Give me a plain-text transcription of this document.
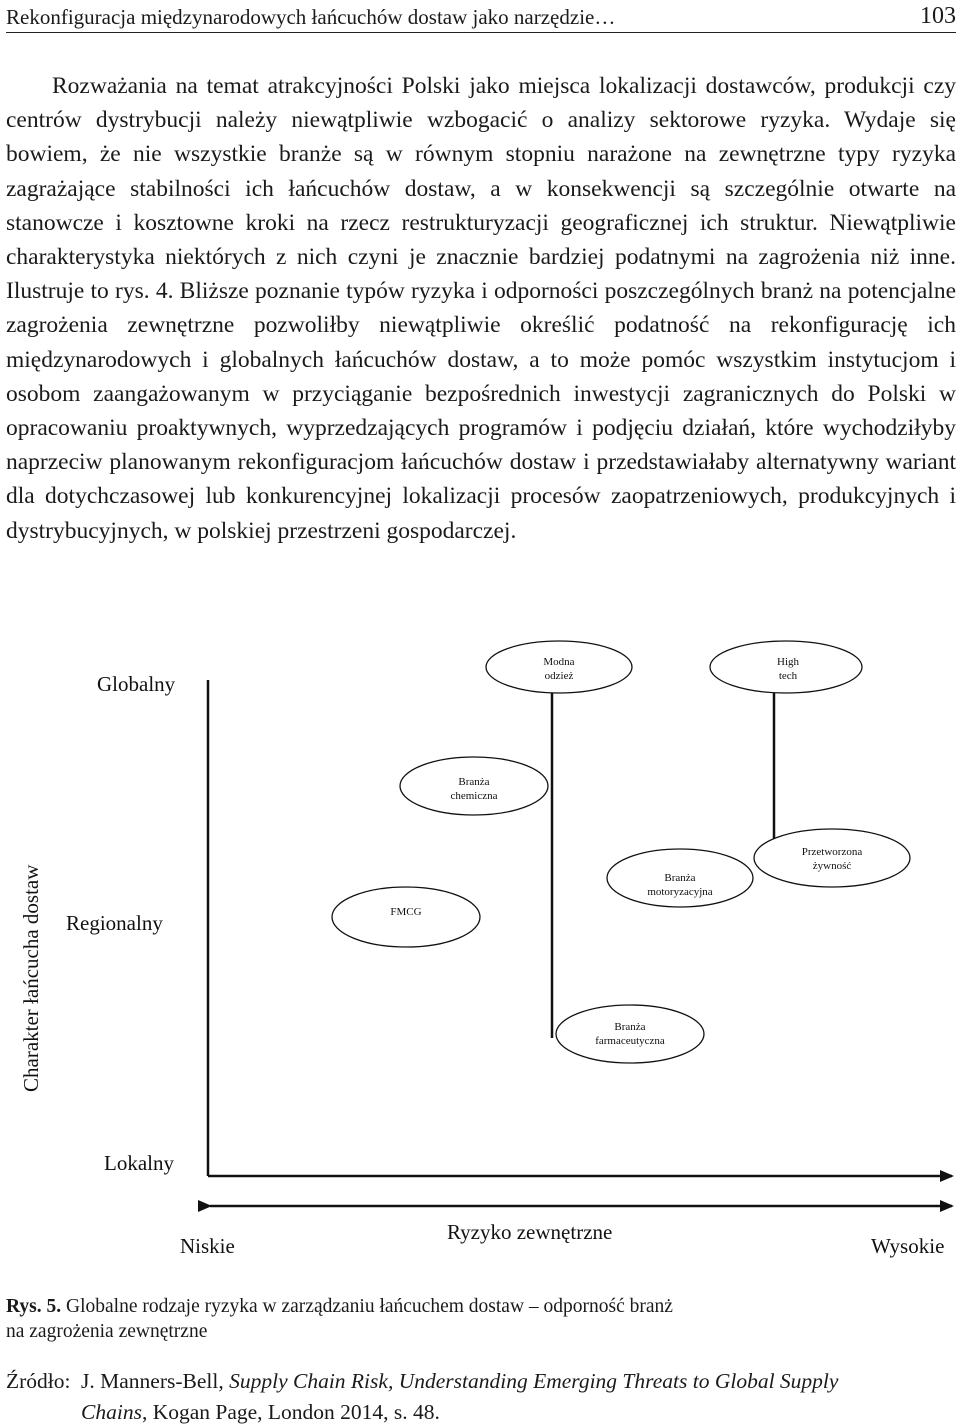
Rekonfiguracja międzynarodowych łańcuchów dostaw jako narzędzie…	103

Rozważania na temat atrakcyjności Polski jako miejsca lokalizacji dostawców, produkcji czy centrów dystrybucji należy niewątpliwie wzbogacić o analizy sektorowe ryzyka. Wydaje się bowiem, że nie wszystkie branże są w równym stopniu narażone na zewnętrzne typy ryzyka zagrażające stabilności ich łańcuchów dostaw, a w konsekwencji są szczególnie otwarte na stanowcze i kosztowne kroki na rzecz restrukturyzacji geograficznej ich struktur. Niewątpliwie charakterystyka niektórych z nich czyni je znacznie bardziej podatnymi na zagrożenia niż inne. Ilustruje to rys. 4. Bliższe poznanie typów ryzyka i odporności poszczególnych branż na potencjalne zagrożenia zewnętrzne pozwoliłby niewątpliwie określić podatność na rekonfigurację ich międzynarodowych i globalnych łańcuchów dostaw, a to może pomóc wszystkim instytucjom i osobom zaangażowanym w przyciąganie bezpośrednich inwestycji zagranicznych do Polski w opracowaniu proaktywnych, wyprzedzających programów i podjęciu działań, które wychodziłyby naprzeciw planowanym rekonfiguracjom łańcuchów dostaw i przedstawiałaby alternatywny wariant dla dotychczasowej lub konkurencyjnej lokalizacji procesów zaopatrzeniowych, produkcyjnych i dystrybucyjnych, w polskiej przestrzeni gospodarczej.

Modna
odzież
High
tech
Branża
chemiczna
Przetworzona
żywność
Branża
motoryzacyjna
FMCG
Branża
farmaceutyczna
Globalny
Regionalny
Lokalny
Charakter łańcucha dostaw
Niskie
Ryzyko zewnętrzne
Wysokie

Rys. 5. Globalne rodzaje ryzyka w zarządzaniu łańcuchem dostaw – odporność branż
na zagrożenia zewnętrzne

Źródło: J. Manners-Bell, Supply Chain Risk, Understanding Emerging Threats to Global Supply
Chains, Kogan Page, London 2014, s. 48.
